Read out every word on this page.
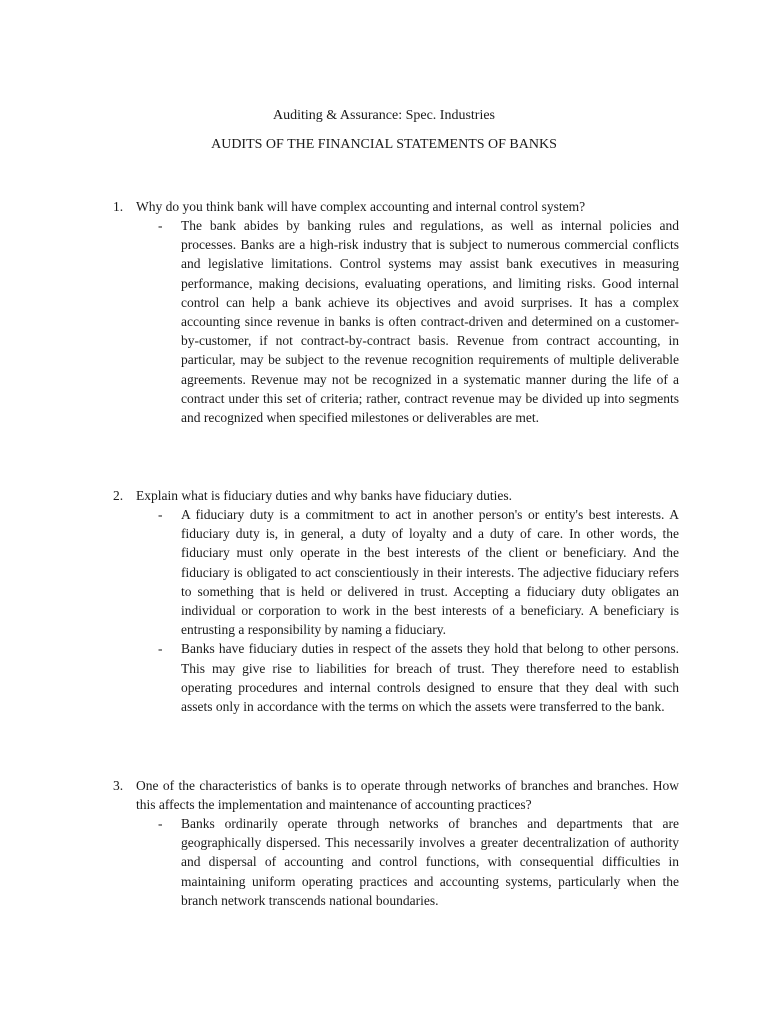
Auditing & Assurance: Spec. Industries
AUDITS OF THE FINANCIAL STATEMENTS OF BANKS
1. Why do you think bank will have complex accounting and internal control system?
- The bank abides by banking rules and regulations, as well as internal policies and processes. Banks are a high-risk industry that is subject to numerous commercial conflicts and legislative limitations. Control systems may assist bank executives in measuring performance, making decisions, evaluating operations, and limiting risks. Good internal control can help a bank achieve its objectives and avoid surprises. It has a complex accounting since revenue in banks is often contract-driven and determined on a customer-by-customer, if not contract-by-contract basis. Revenue from contract accounting, in particular, may be subject to the revenue recognition requirements of multiple deliverable agreements. Revenue may not be recognized in a systematic manner during the life of a contract under this set of criteria; rather, contract revenue may be divided up into segments and recognized when specified milestones or deliverables are met.
2. Explain what is fiduciary duties and why banks have fiduciary duties.
- A fiduciary duty is a commitment to act in another person's or entity's best interests. A fiduciary duty is, in general, a duty of loyalty and a duty of care. In other words, the fiduciary must only operate in the best interests of the client or beneficiary. And the fiduciary is obligated to act conscientiously in their interests. The adjective fiduciary refers to something that is held or delivered in trust. Accepting a fiduciary duty obligates an individual or corporation to work in the best interests of a beneficiary. A beneficiary is entrusting a responsibility by naming a fiduciary.
- Banks have fiduciary duties in respect of the assets they hold that belong to other persons. This may give rise to liabilities for breach of trust. They therefore need to establish operating procedures and internal controls designed to ensure that they deal with such assets only in accordance with the terms on which the assets were transferred to the bank.
3. One of the characteristics of banks is to operate through networks of branches and branches. How this affects the implementation and maintenance of accounting practices?
- Banks ordinarily operate through networks of branches and departments that are geographically dispersed. This necessarily involves a greater decentralization of authority and dispersal of accounting and control functions, with consequential difficulties in maintaining uniform operating practices and accounting systems, particularly when the branch network transcends national boundaries.
